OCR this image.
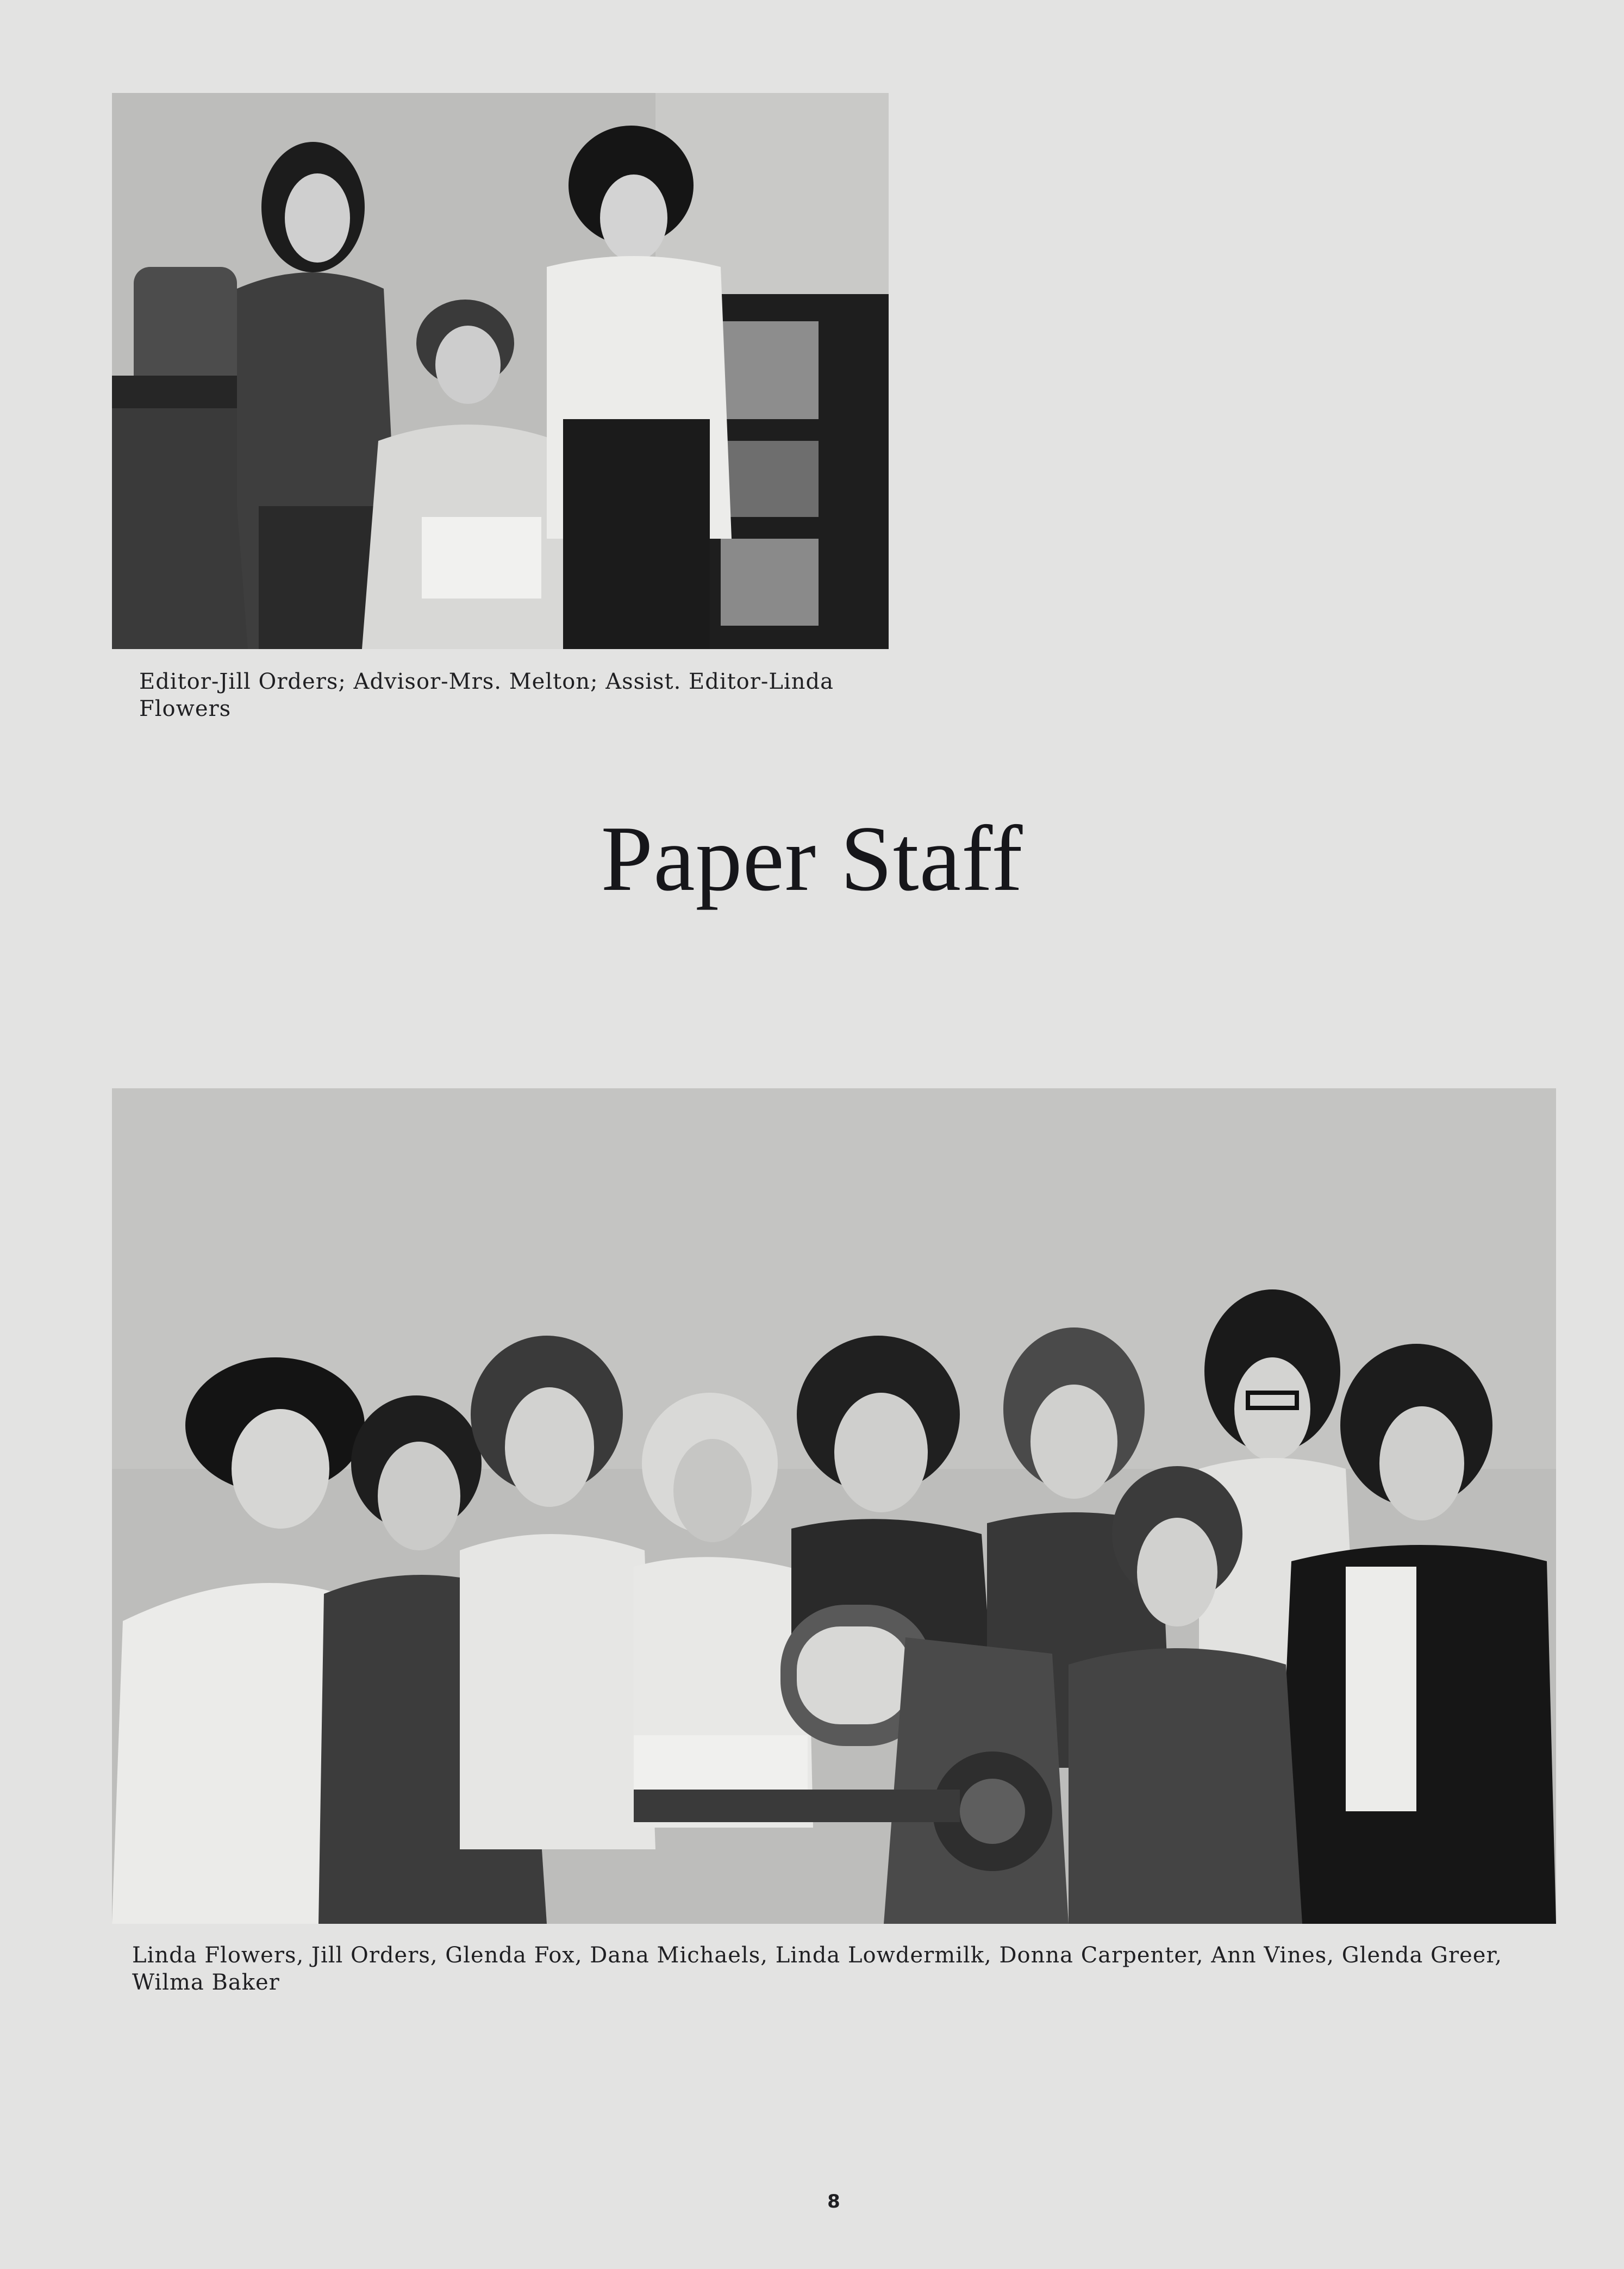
Editor-Jill Orders; Advisor-Mrs. Melton; Assist. Editor-Linda Flowers

Paper Staff

Linda Flowers, Jill Orders, Glenda Fox, Dana Michaels, Linda Lowdermilk, Donna Carpenter, Ann Vines, Glenda Greer, Wilma Baker

8
